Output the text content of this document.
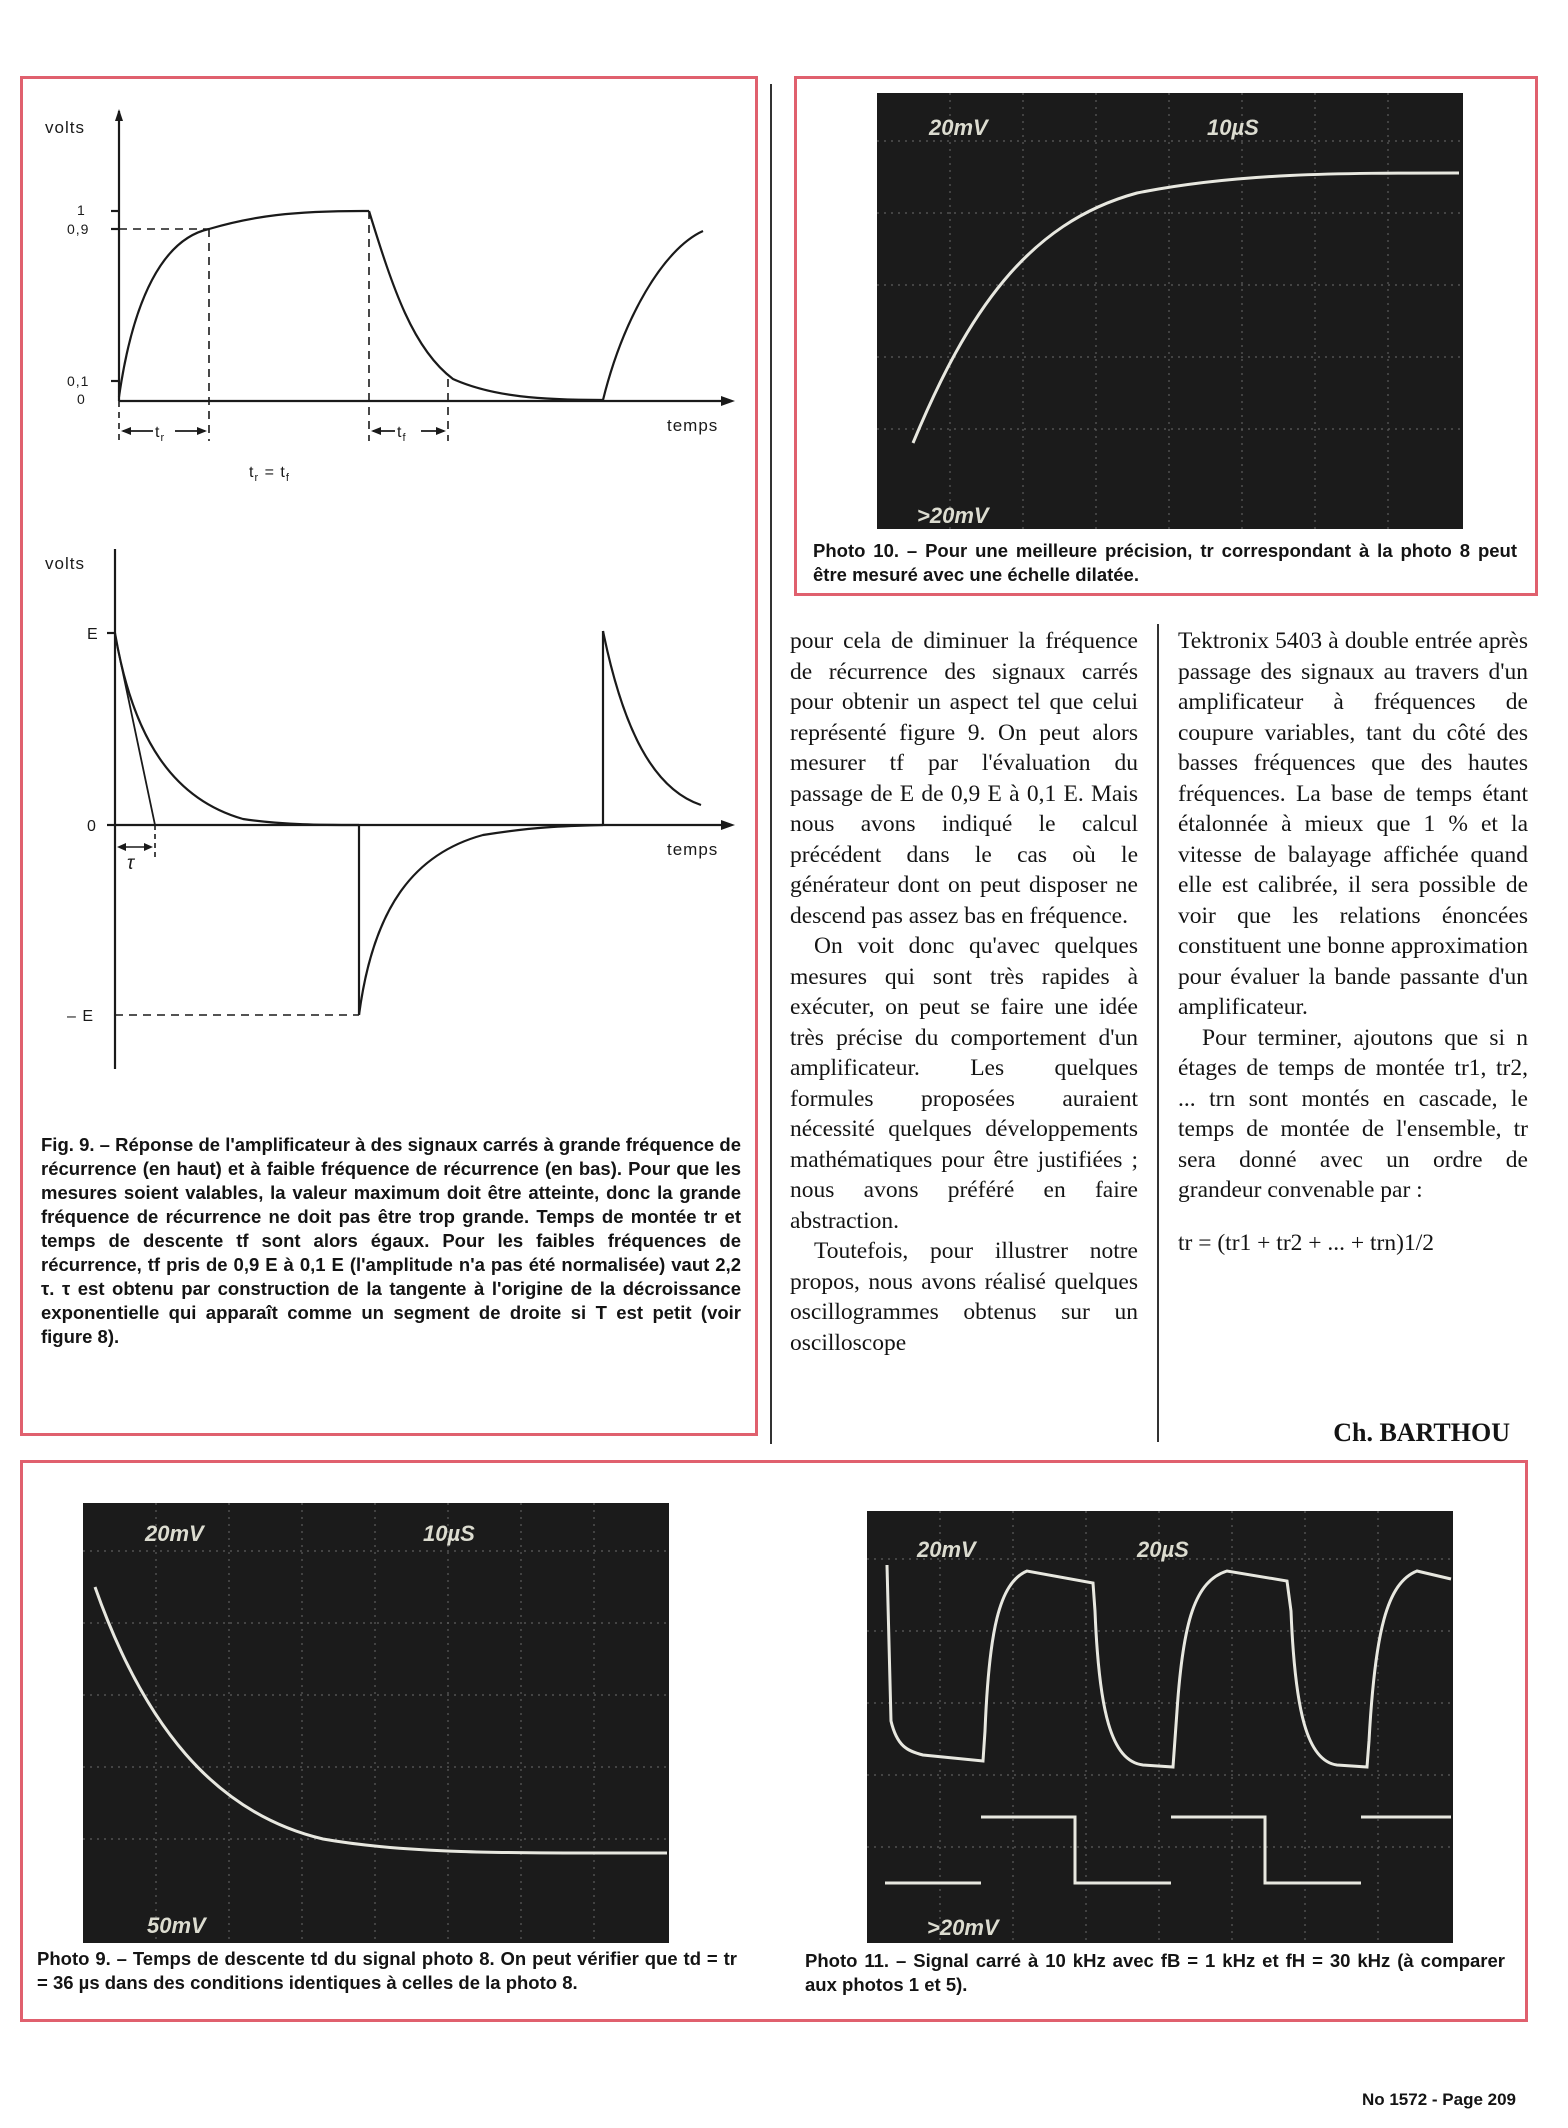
volts
temps
1
0,9
0,1
0
$t_r$	$t_f$
$t_r = t_f$
volts
temps
E
0
– E
τ
Fig. 9. – Réponse de l'amplificateur à des signaux carrés à grande fréquence de récurrence (en haut) et à faible fréquence de récurrence (en bas). Pour que les mesures soient valables, la valeur maximum doit être atteinte, donc la grande fréquence de récurrence ne doit pas être trop grande. Temps de montée tr et temps de descente tf sont alors égaux. Pour les faibles fréquences de récurrence, tf pris de 0,9 E à 0,1 E (l'amplitude n'a pas été normalisée) vaut 2,2 τ. τ est obtenu par construction de la tangente à l'origine de la décroissance exponentielle qui apparaît comme un segment de droite si T est petit (voir figure 8).
20mV	10µS
>20mV
Photo 10. – Pour une meilleure précision, tr correspondant à la photo 8 peut être mesuré avec une échelle dilatée.

pour cela de diminuer la fréquence de récurrence des signaux carrés pour obtenir un aspect tel que celui représenté figure 9. On peut alors mesurer tf par l'évaluation du passage de E de 0,9 E à 0,1 E. Mais nous avons indiqué le calcul précédent dans le cas où le générateur dont on peut disposer ne descend pas assez bas en fréquence.

On voit donc qu'avec quelques mesures qui sont très rapides à exécuter, on peut se faire une idée très précise du comportement d'un amplificateur. Les quelques formules proposées auraient nécessité quelques développements mathématiques pour être justifiées ; nous avons préféré en faire abstraction.

Toutefois, pour illustrer notre propos, nous avons réalisé quelques oscillogrammes obtenus sur un oscilloscope

Tektronix 5403 à double entrée après passage des signaux au travers d'un amplificateur à fréquences de coupure variables, tant du côté des basses fréquences que des hautes fréquences. La base de temps étant étalonnée à mieux que 1 % et la vitesse de balayage affichée quand elle est calibrée, il sera possible de voir que les relations énoncées constituent une bonne approximation pour évaluer la bande passante d'un amplificateur.

Pour terminer, ajoutons que si n étages de temps de montée tr1, tr2, ... trn sont montés en cascade, le temps de montée de l'ensemble, tr sera donné avec un ordre de grandeur convenable par :

tr = (tr1 + tr2 + ... + trn)1/2

Ch. BARTHOU
20mV	10µS
50mV
Photo 9. – Temps de descente td du signal photo 8. On peut vérifier que td = tr = 36 µs dans des conditions identiques à celles de la photo 8.
20mV	20µS
>20mV
Photo 11. – Signal carré à 10 kHz avec fB = 1 kHz et fH = 30 kHz (à comparer aux photos 1 et 5).
No 1572 - Page 209
